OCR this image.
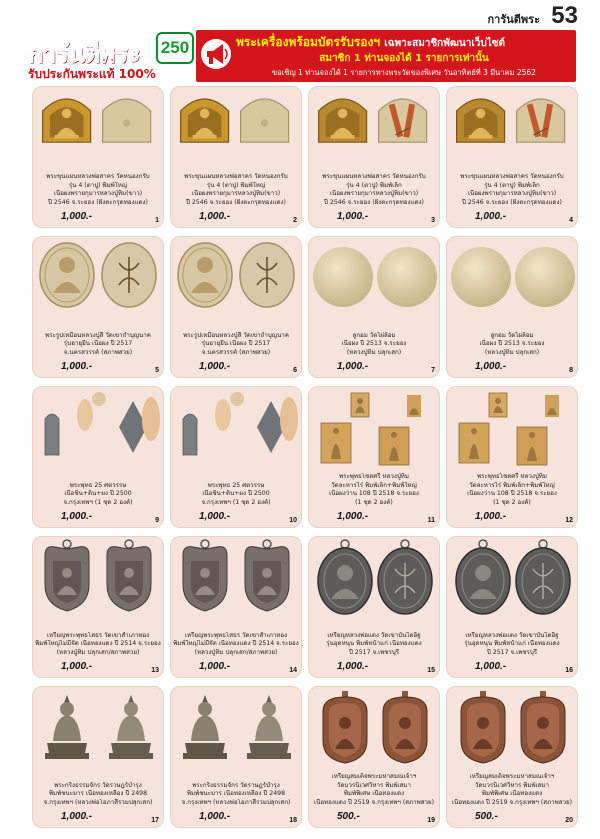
การันตีพระ 53
การันตีพระ 250
รับประกันพระแท้ 100%
พระเครื่องพร้อมบัตรรับรองฯ เฉพาะสมาชิกพัฒนาเว็บไซต์
สมาชิก 1 ท่านจองได้ 1 รายการเท่านั้น
ขอเชิญ 1 ท่านจองได้ 1 รายการทางพระวัดของพิเศษ วันอาทิตย์ที่ 3 มีนาคม 2562
พระขุนแผนหลวงพ่อสาคร วัดหนองกรับ
รุ่น 4 (ตาปู) พิมพ์ใหญ่
เนื้อผงพรายกุมารหลวงปู่ทิม(ขาว)
ปี 2546 จ.ระยอง (ฝังตะกรุดทองแดง)
1,000.-	1
พระขุนแผนหลวงพ่อสาคร วัดหนองกรับ
รุ่น 4 (ตาปู) พิมพ์ใหญ่
เนื้อผงพรายกุมารหลวงปู่ทิม(ขาว)
ปี 2546 จ.ระยอง (ฝังตะกรุดทองแดง)
1,000.-	2
พระขุนแผนหลวงพ่อสาคร วัดหนองกรับ
รุ่น 4 (ตาปู) พิมพ์เล็ก
เนื้อผงพรายกุมารหลวงปู่ทิม(ขาว)
ปี 2546 จ.ระยอง (ฝังตะกรุดทองแดง)
1,000.-	3
พระขุนแผนหลวงพ่อสาคร วัดหนองกรับ
รุ่น 4 (ตาปู) พิมพ์เล็ก
เนื้อผงพรายกุมารหลวงปู่ทิม(ขาว)
ปี 2546 จ.ระยอง (ฝังตะกรุดทองแดง)
1,000.-	4
พระรูปเหมือนหลวงปู่สี วัดเขาถ้ำบุญนาค
รุ่นอายุยืน เนื้อผง ปี 2517
จ.นครสวรรค์ (สภาพสวย)
1,000.-	5
พระรูปเหมือนหลวงปู่สี วัดเขาถ้ำบุญนาค
รุ่นอายุยืน เนื้อผง ปี 2517
จ.นครสวรรค์ (สภาพสวย)
1,000.-	6
ลูกอม วัดไผ่ล้อม
เนื้อผง ปี 2513 จ.ระยอง
(หลวงปู่ทิม ปลุกเสก)
1,000.-	7
ลูกอม วัดไผ่ล้อม
เนื้อผง ปี 2513 จ.ระยอง
(หลวงปู่ทิม ปลุกเสก)
1,000.-	8
พระพุทธ 25 ศตวรรษ
เนื้อชิน+ดิน+ผง ปี 2500
จ.กรุงเทพฯ (1 ชุด 2 องค์)
1,000.-	9
พระพุทธ 25 ศตวรรษ
เนื้อชิน+ดิน+ผง ปี 2500
จ.กรุงเทพฯ (1 ชุด 2 องค์)
1,000.-	10
พระพุทธโชตศรี หลวงปู่ทิม
วัดละหารไร่ พิมพ์เล็ก+พิมพ์ใหญ่
เนื้อผงว่าน 108 ปี 2518 จ.ระยอง
(1 ชุด 2 องค์)
1,000.-	11
พระพุทธโชตศรี หลวงปู่ทิม
วัดละหารไร่ พิมพ์เล็ก+พิมพ์ใหญ่
เนื้อผงว่าน 108 ปี 2518 จ.ระยอง
(1 ชุด 2 องค์)
1,000.-	12
เหรียญพระพุทธโสธร วัดเขาสำเภาทอง
พิมพ์ใหญ่ไม่มีจัด เนื้อทองแดง ปี 2514 จ.ระยอง
(หลวงปู่ทิม ปลุกเสก/สภาพสวย)
1,000.-	13
เหรียญพระพุทธโสธร วัดเขาสำเภาทอง
พิมพ์ใหญ่ไม่มีจัด เนื้อทองแดง ปี 2514 จ.ระยอง
(หลวงปู่ทิม ปลุกเสก/สภาพสวย)
1,000.-	14
เหรียญหลวงพ่อแดง วัดเขาบันไดอิฐ
รุ่นอุดหนุน พิมพ์หน้าแก่ เนื้อทองแดง
ปี 2517 จ.เพชรบุรี
1,000.-	15
เหรียญหลวงพ่อแดง วัดเขาบันไดอิฐ
รุ่นอุดหนุน พิมพ์หน้าแก่ เนื้อทองแดง
ปี 2517 จ.เพชรบุรี
1,000.-	16
พระกริ่งธรรมจักร วัดราษฎร์บำรุง
พิมพ์ชนะมาร เนื้อทองเหลือง ปี 2498
จ.กรุงเทพฯ (หลวงพ่อโอภาสีรวมปลุกเสก)
1,000.-	17
พระกริ่งธรรมจักร วัดราษฎร์บำรุง
พิมพ์ชนะมาร เนื้อทองเหลือง ปี 2498
จ.กรุงเทพฯ (หลวงพ่อโอภาสีรวมปลุกเสก)
1,000.-	18
เหรียญสมเด็จพระมหาสมณเจ้าฯ
วัดบวรนิเวศวิหาร พิมพ์เสมา
พิมพ์พิเศษ เนื้อทองแดง
เนื้อทองแดง ปี 2519 จ.กรุงเทพฯ (สภาพสวย)
500.-	19
เหรียญสมเด็จพระมหาสมณเจ้าฯ
วัดบวรนิเวศวิหาร พิมพ์เสมา
พิมพ์พิเศษ เนื้อทองแดง
เนื้อทองแดง ปี 2519 จ.กรุงเทพฯ (สภาพสวย)
500.-	20
